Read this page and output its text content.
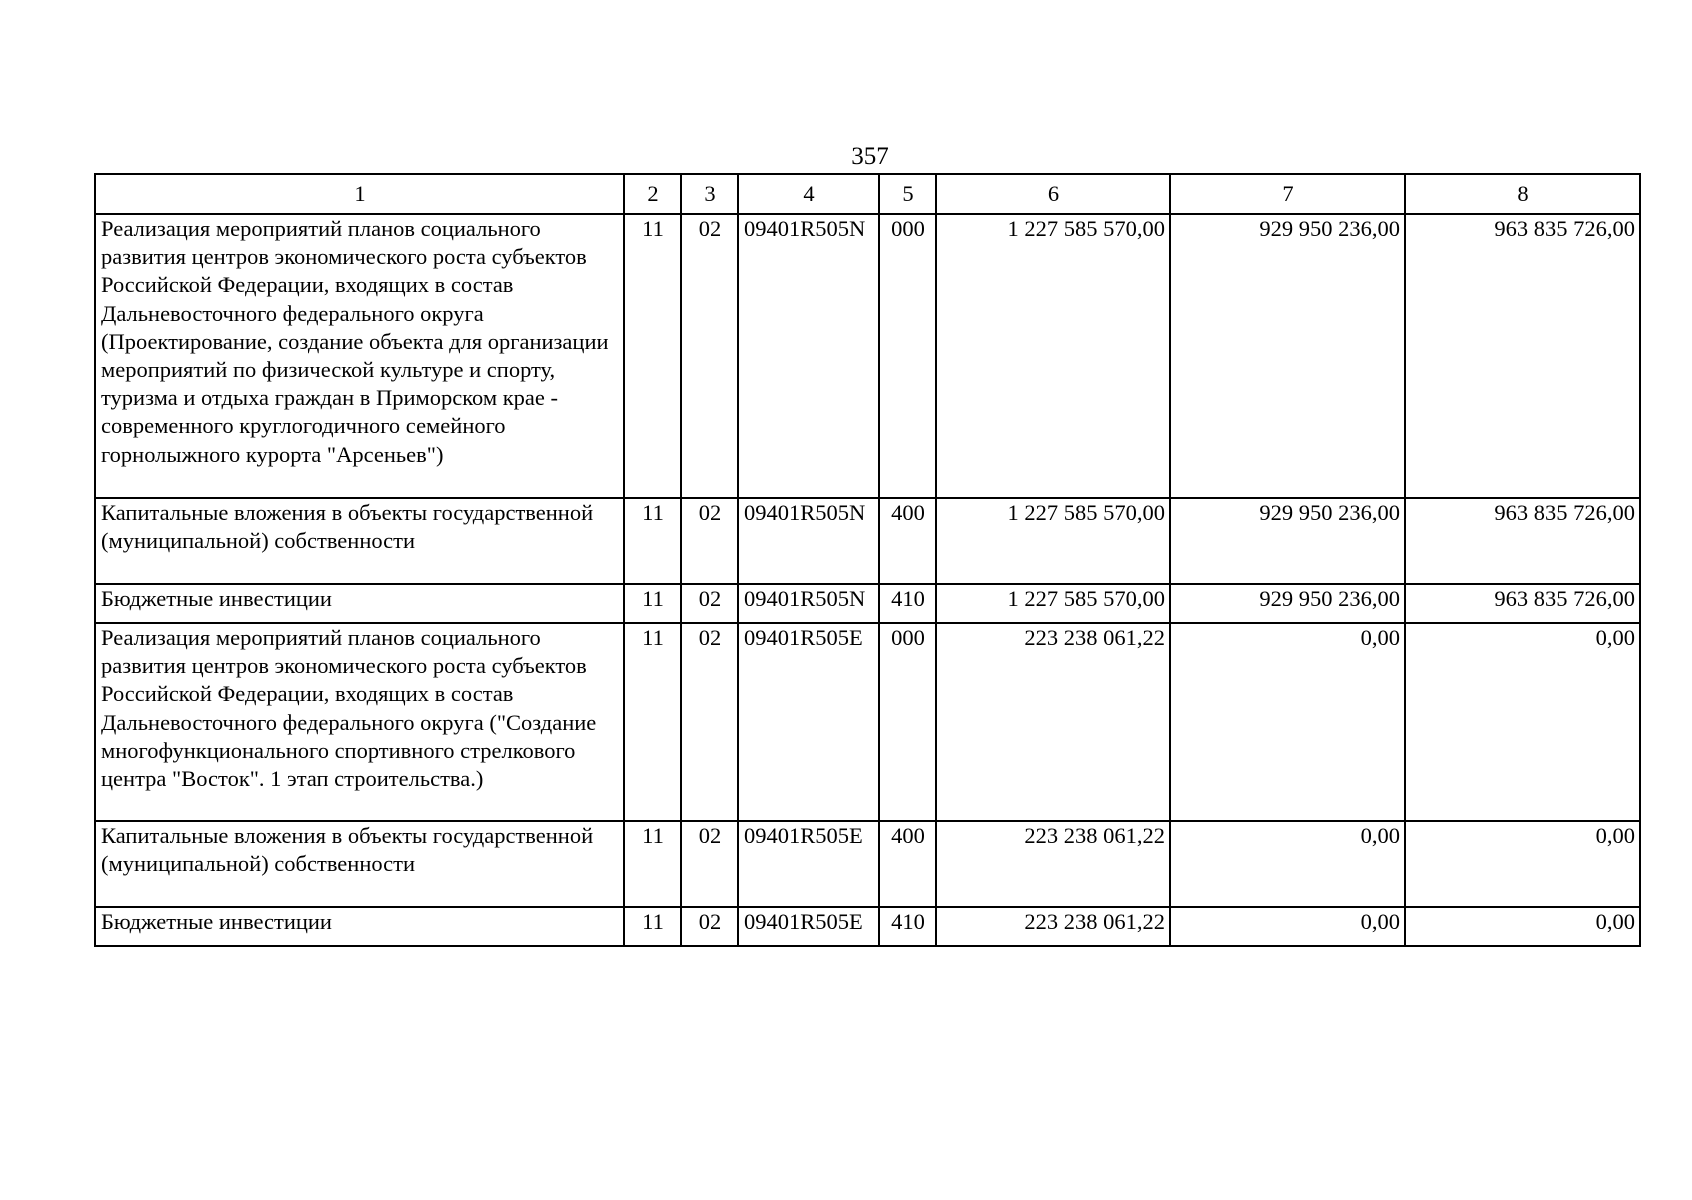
357
1	2	3	4	5	6	7	8
Реализация мероприятий планов социального развития центров экономического роста субъектов Российской Федерации, входящих в состав Дальневосточного федерального округа (Проектирование, создание объекта для организации мероприятий по физической культуре и спорту, туризма и отдыха граждан в Приморском крае - современного круглогодичного семейного горнолыжного курорта "Арсеньев")	11	02	09401R505N	000	1 227 585 570,00	929 950 236,00	963 835 726,00
Капитальные вложения в объекты государственной (муниципальной) собственности	11	02	09401R505N	400	1 227 585 570,00	929 950 236,00	963 835 726,00
Бюджетные инвестиции	11	02	09401R505N	410	1 227 585 570,00	929 950 236,00	963 835 726,00
Реализация мероприятий планов социального развития центров экономического роста субъектов Российской Федерации, входящих в состав Дальневосточного федерального округа ("Создание многофункционального спортивного стрелкового центра "Восток". 1 этап строительства.)	11	02	09401R505E	000	223 238 061,22	0,00	0,00
Капитальные вложения в объекты государственной (муниципальной) собственности	11	02	09401R505E	400	223 238 061,22	0,00	0,00
Бюджетные инвестиции	11	02	09401R505E	410	223 238 061,22	0,00	0,00
